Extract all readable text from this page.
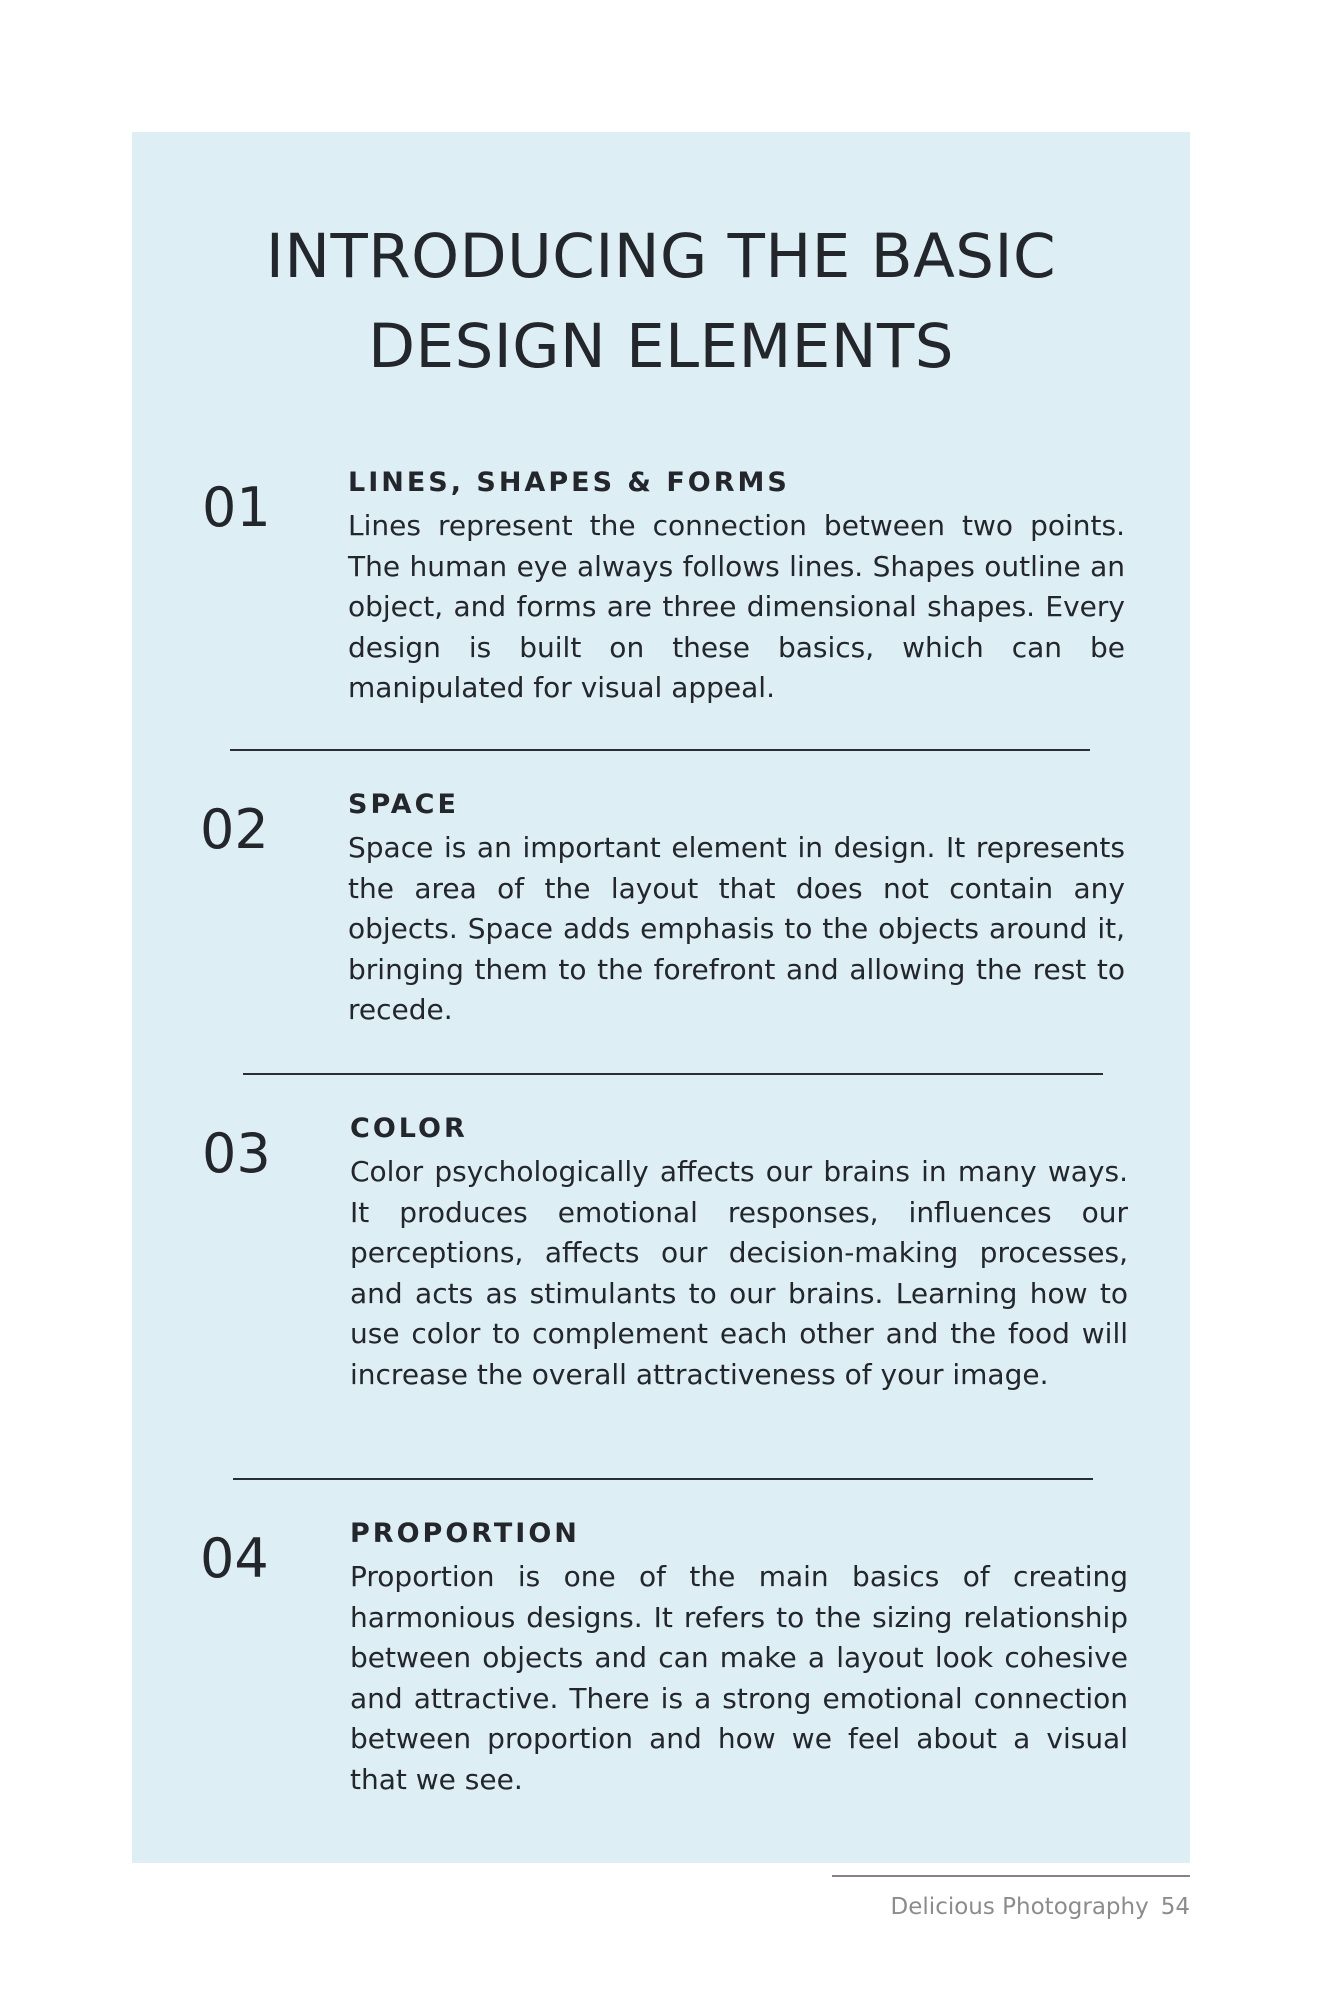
INTRODUCING THE BASIC
DESIGN ELEMENTS
01	LINES, SHAPES & FORMS

Lines represent the connection between two points. The human eye always follows lines. Shapes outline an object, and forms are three dimensional shapes. Every design is built on these basics, which can be manipulated for visual appeal.

02	SPACE

Space is an important element in design. It represents the area of the layout that does not contain any objects. Space adds emphasis to the objects around it, bringing them to the forefront and allowing the rest to recede.

03	COLOR

Color psychologically affects our brains in many ways. It produces emotional responses, influences our perceptions, affects our decision-making processes, and acts as stimulants to our brains. Learning how to use color to complement each other and the food will increase the overall attractiveness of your image.

04	PROPORTION

Proportion is one of the main basics of creating harmonious designs. It refers to the sizing relationship between objects and can make a layout look cohesive and attractive. There is a strong emotional connection between proportion and how we feel about a visual that we see.

Delicious Photography 54
